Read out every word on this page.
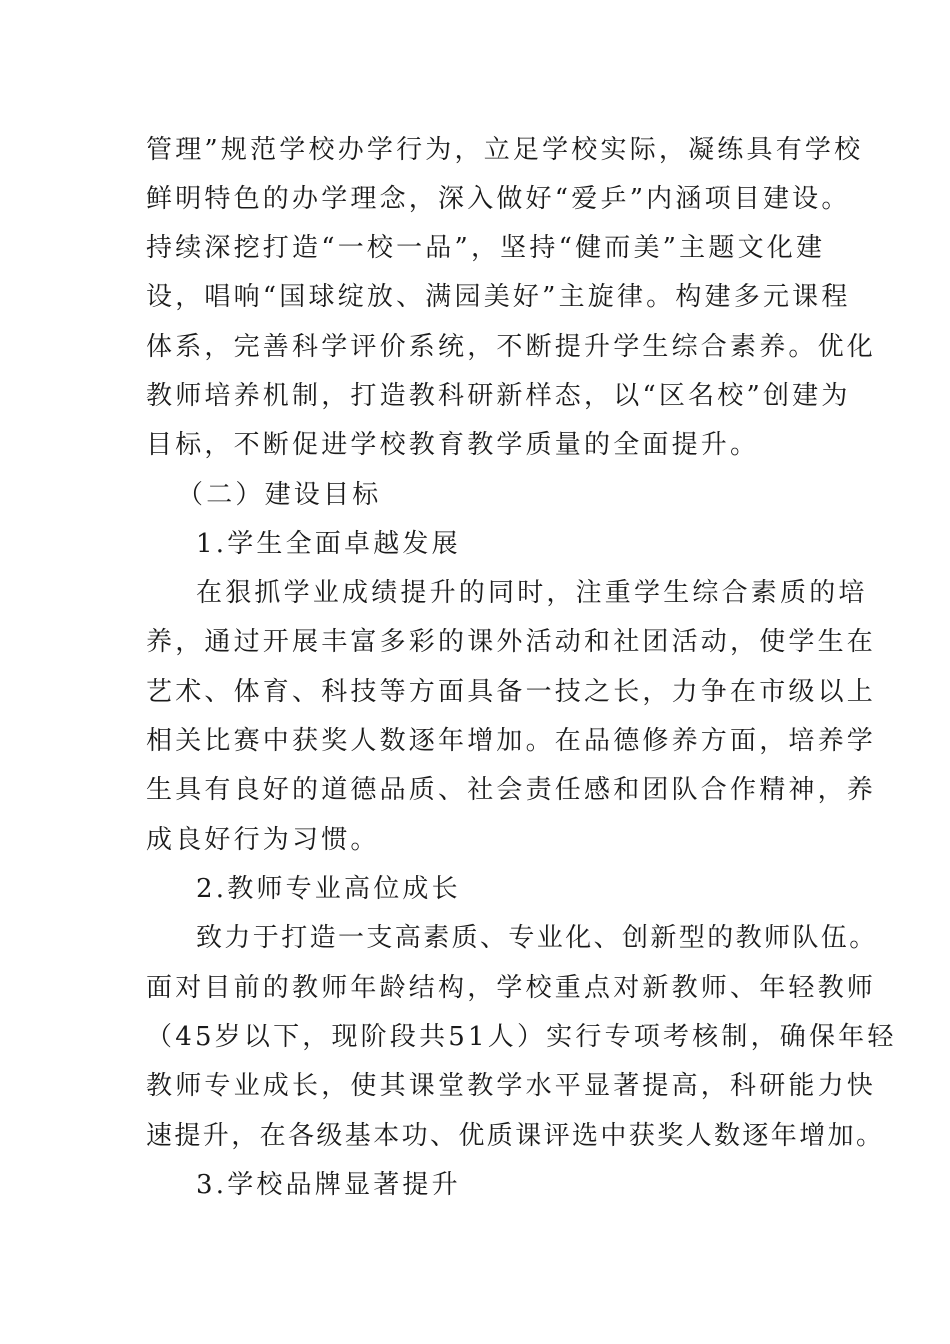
管理”规范学校办学行为，立足学校实际，凝练具有学校
鲜明特色的办学理念，深入做好“爱乒”内涵项目建设。
持续深挖打造“一校一品”，坚持“健而美”主题文化建
设，唱响“国球绽放、满园美好”主旋律。构建多元课程
体系，完善科学评价系统，不断提升学生综合素养。优化
教师培养机制，打造教科研新样态，以“区名校”创建为
目标，不断促进学校教育教学质量的全面提升。
（二）建设目标
1.学生全面卓越发展
在狠抓学业成绩提升的同时，注重学生综合素质的培
养，通过开展丰富多彩的课外活动和社团活动，使学生在
艺术、体育、科技等方面具备一技之长，力争在市级以上
相关比赛中获奖人数逐年增加。在品德修养方面，培养学
生具有良好的道德品质、社会责任感和团队合作精神，养
成良好行为习惯。
2.教师专业高位成长
致力于打造一支高素质、专业化、创新型的教师队伍。
面对目前的教师年龄结构，学校重点对新教师、年轻教师
（45岁以下，现阶段共51人）实行专项考核制，确保年轻
教师专业成长，使其课堂教学水平显著提高，科研能力快
速提升，在各级基本功、优质课评选中获奖人数逐年增加。
3.学校品牌显著提升
